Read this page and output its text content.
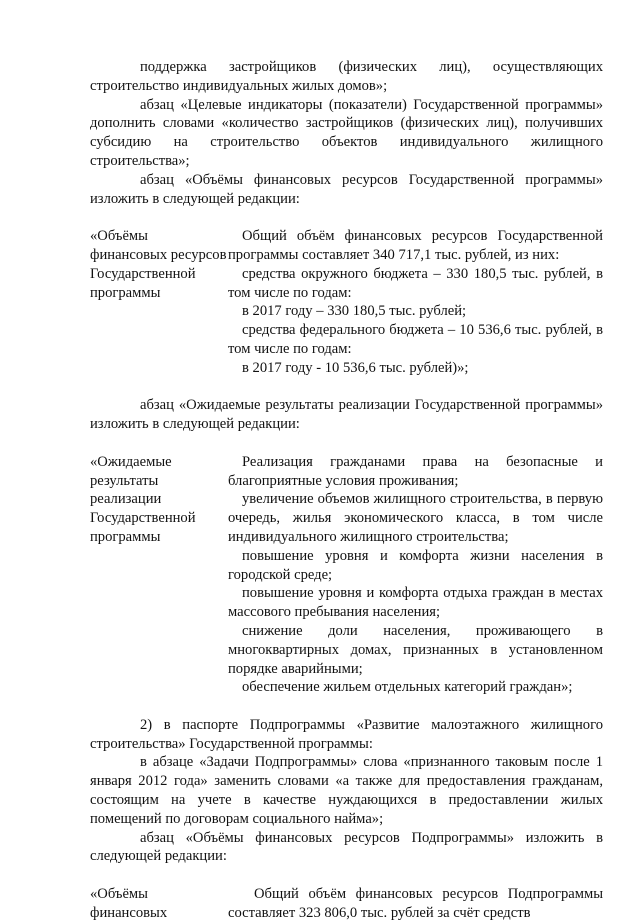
поддержка застройщиков (физических лиц), осуществляющих строительство индивидуальных жилых домов»;

абзац «Целевые индикаторы (показатели) Государственной программы» дополнить словами «количество застройщиков (физических лиц), получивших субсидию на строительство объектов индивидуального жилищного строительства»;

абзац «Объёмы финансовых ресурсов Государственной программы» изложить в следующей редакции:

«Объёмы финансовых ресурсов Государственной программы

Общий объём финансовых ресурсов Государственной программы составляет 340 717,1 тыс. рублей, из них:

средства окружного бюджета – 330 180,5 тыс. рублей, в том числе по годам:

в 2017 году – 330 180,5 тыс. рублей;

средства федерального бюджета – 10 536,6 тыс. рублей, в том числе по годам:

в 2017 году - 10 536,6 тыс. рублей)»;

абзац «Ожидаемые результаты реализации Государственной программы» изложить в следующей редакции:

«Ожидаемые результаты реализации Государственной программы

Реализация гражданами права на безопасные и благоприятные условия проживания;

увеличение объемов жилищного строительства, в первую очередь, жилья экономического класса, в том числе индивидуального жилищного строительства;

повышение уровня и комфорта жизни населения в городской среде;

повышение уровня и комфорта отдыха граждан в местах массового пребывания населения;

снижение доли населения, проживающего в многоквартирных домах, признанных в установленном порядке аварийными;

обеспечение жильем отдельных категорий граждан»;

2) в паспорте Подпрограммы «Развитие малоэтажного жилищного строительства» Государственной программы:

в абзаце «Задачи Подпрограммы» слова «признанного таковым после 1 января 2012 года» заменить словами «а также для предоставления гражданам, состоящим на учете в качестве нуждающихся в предоставлении жилых помещений по договорам социального найма»;

абзац «Объёмы финансовых ресурсов Подпрограммы» изложить в следующей редакции:

«Объёмы финансовых

Общий объём финансовых ресурсов Подпрограммы составляет 323 806,0 тыс. рублей за счёт средств
